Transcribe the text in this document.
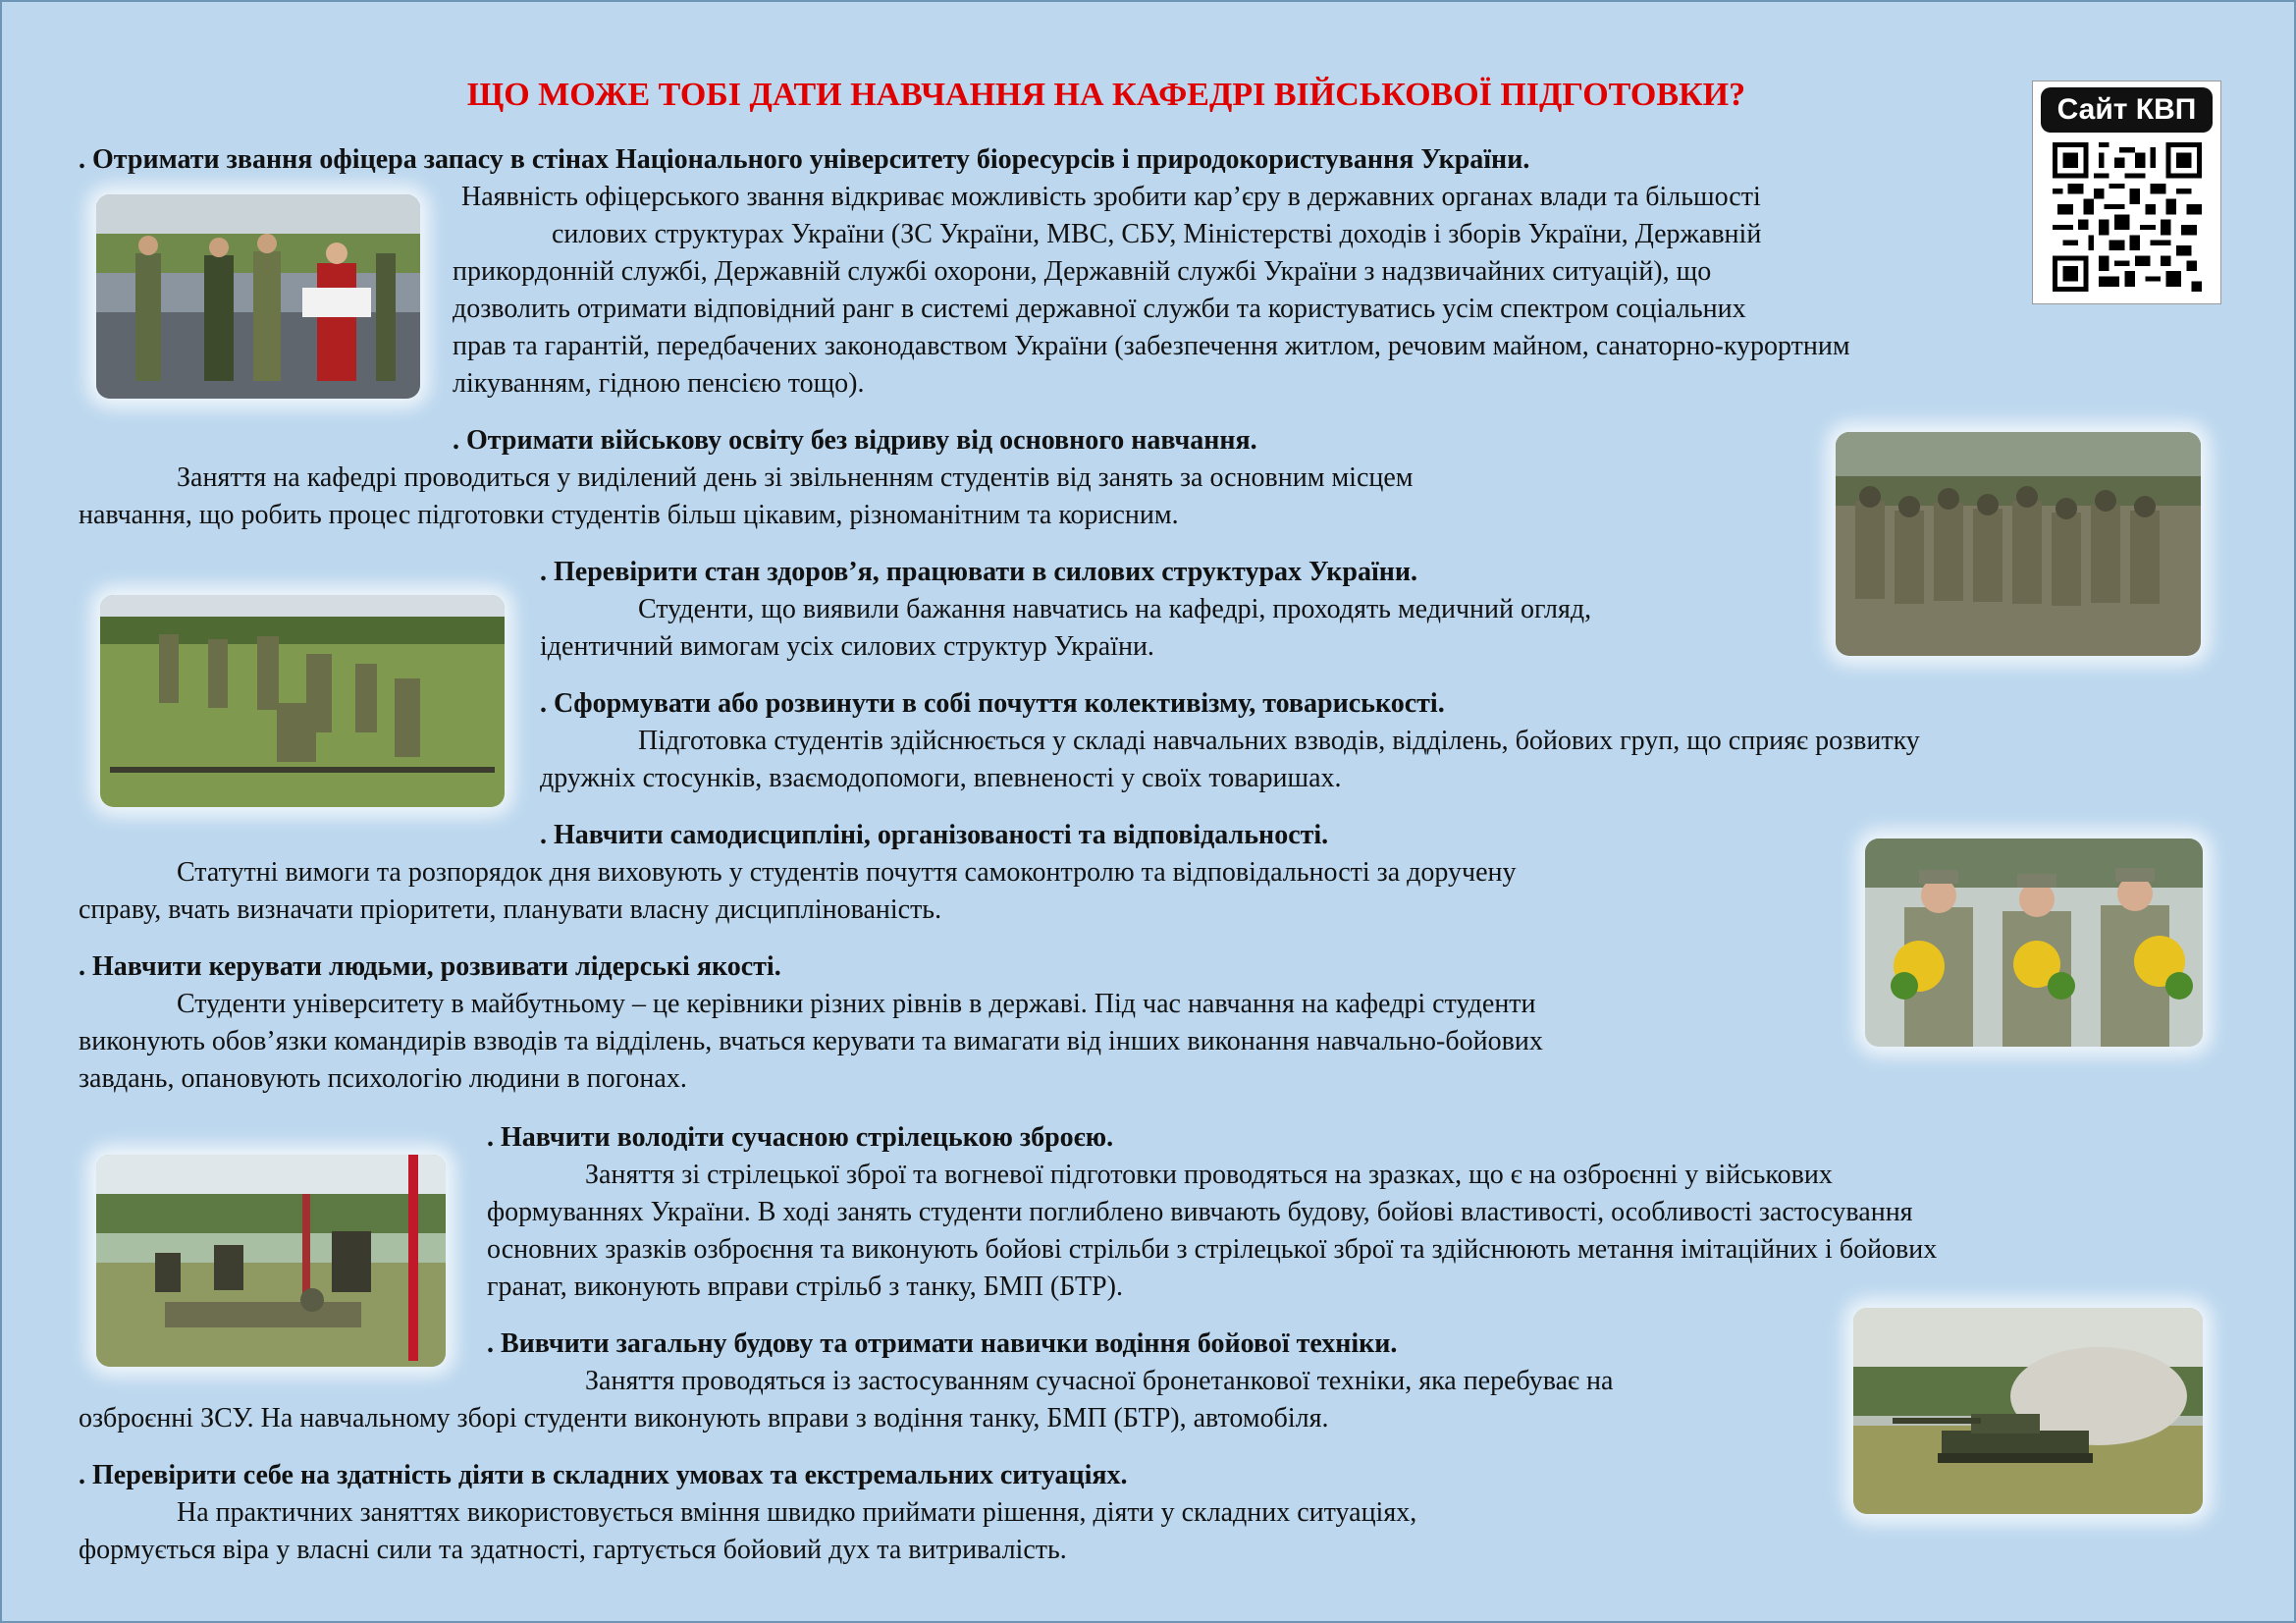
ЩО МОЖЕ ТОБІ ДАТИ НАВЧАННЯ НА КАФЕДРІ ВІЙСЬКОВОЇ ПІДГОТОВКИ?	Сайт КВП
. Отримати звання офіцера запасу в стінах Національного університету біоресурсів і природокористування України.
Наявність офіцерського звання відкриває можливість зробити кар’єру в державних органах влади та більшості
силових структурах України (ЗС України, МВС, СБУ, Міністерстві доходів і зборів України, Державній
прикордонній службі, Державній службі охорони, Державній службі України з надзвичайних ситуацій), що
дозволить отримати відповідний ранг в системі державної служби та користуватись усім спектром соціальних
прав та гарантій, передбачених законодавством України (забезпечення житлом, речовим майном, санаторно-курортним
лікуванням, гідною пенсією тощо).
. Отримати військову освіту без відриву від основного навчання.
Заняття на кафедрі проводиться у виділений день зі звільненням студентів від занять за основним місцем
навчання, що робить процес підготовки студентів більш цікавим, різноманітним та корисним.
. Перевірити стан здоров’я, працювати в силових структурах України.
Студенти, що виявили бажання навчатись на кафедрі, проходять медичний огляд,
ідентичний вимогам усіх силових структур України.
. Сформувати або розвинути в собі почуття колективізму, товариськості.
Підготовка студентів здійснюється у складі навчальних взводів, відділень, бойових груп, що сприяє розвитку
дружніх стосунків, взаємодопомоги, впевненості у своїх товаришах.
. Навчити самодисципліні, організованості та відповідальності.
Статутні вимоги та розпорядок дня виховують у студентів почуття самоконтролю та відповідальності за доручену
справу, вчать визначати пріоритети, планувати власну дисциплінованість.
. Навчити керувати людьми, розвивати лідерські якості.
Студенти університету в майбутньому – це керівники різних рівнів в державі. Під час навчання на кафедрі студенти
виконують обов’язки командирів взводів та відділень, вчаться керувати та вимагати від інших виконання навчально-бойових
завдань, опановують психологію людини в погонах.
. Навчити володіти сучасною стрілецькою зброєю.
Заняття зі стрілецької зброї та вогневої підготовки проводяться на зразках, що є на озброєнні у військових
формуваннях України. В ході занять студенти поглиблено вивчають будову, бойові властивості, особливості застосування
основних зразків озброєння та виконують бойові стрільби з стрілецької зброї та здійснюють метання імітаційних і бойових
гранат, виконують вправи стрільб з танку, БМП (БТР).
. Вивчити загальну будову та отримати навички водіння бойової техніки.
Заняття проводяться із застосуванням сучасної бронетанкової техніки, яка перебуває на
озброєнні ЗСУ. На навчальному зборі студенти виконують вправи з водіння танку, БМП (БТР), автомобіля.
. Перевірити себе на здатність діяти в складних умовах та екстремальних ситуаціях.
На практичних заняттях використовується вміння швидко приймати рішення, діяти у складних ситуаціях,
формується віра у власні сили та здатності, гартується бойовий дух та витривалість.
